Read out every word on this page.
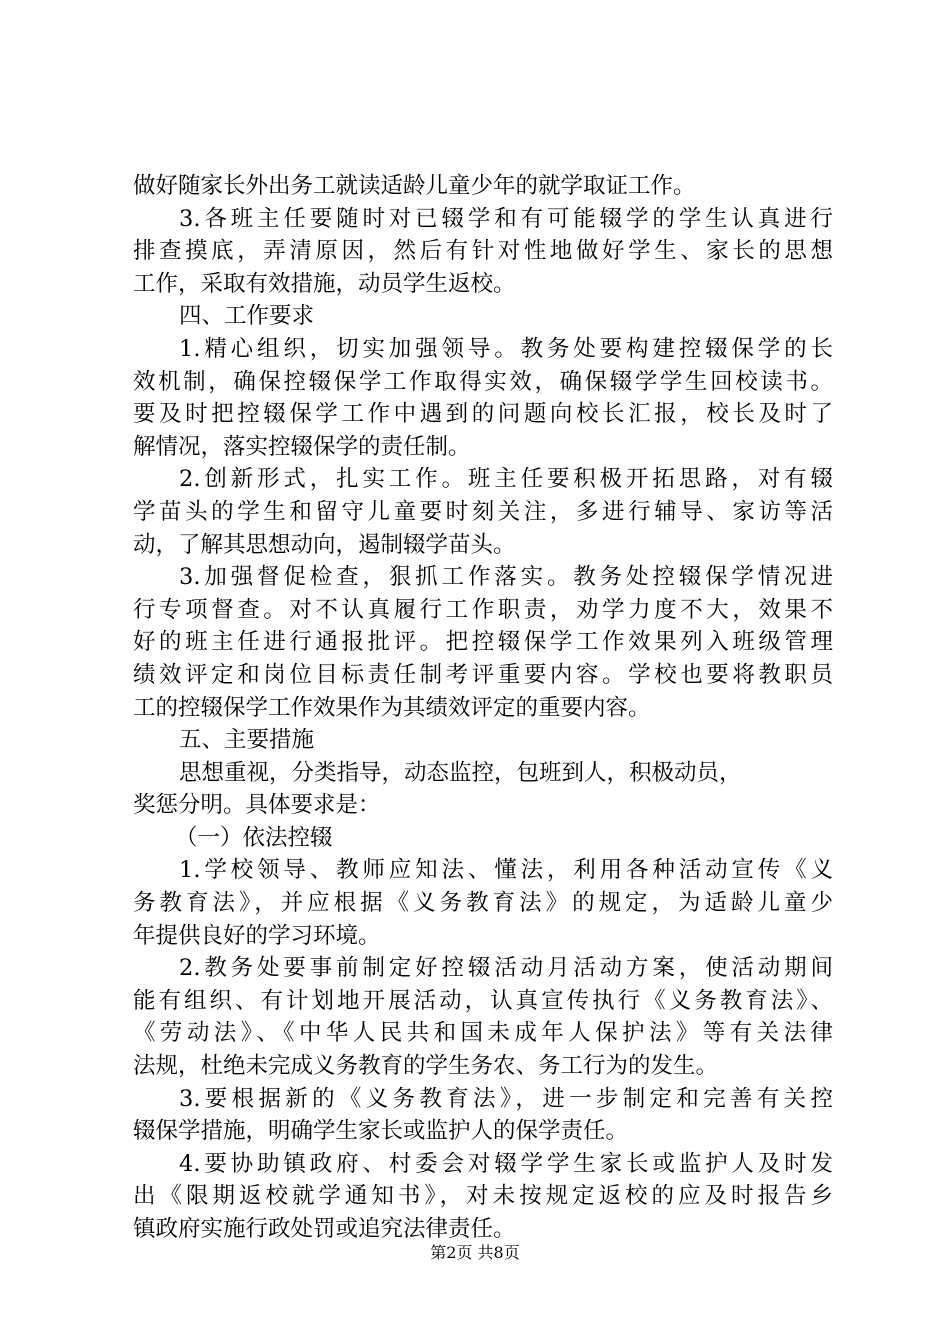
做好随家长外出务工就读适龄儿童少年的就学取证工作。
3.各班主任要随时对已辍学和有可能辍学的学生认真进行
排查摸底，弄清原因，然后有针对性地做好学生、家长的思想
工作，采取有效措施，动员学生返校。
四、工作要求
1.精心组织，切实加强领导。教务处要构建控辍保学的长
效机制，确保控辍保学工作取得实效，确保辍学学生回校读书。
要及时把控辍保学工作中遇到的问题向校长汇报，校长及时了
解情况，落实控辍保学的责任制。
2.创新形式，扎实工作。班主任要积极开拓思路，对有辍
学苗头的学生和留守儿童要时刻关注，多进行辅导、家访等活
动，了解其思想动向，遏制辍学苗头。
3.加强督促检查，狠抓工作落实。教务处控辍保学情况进
行专项督查。对不认真履行工作职责，劝学力度不大，效果不
好的班主任进行通报批评。把控辍保学工作效果列入班级管理
绩效评定和岗位目标责任制考评重要内容。学校也要将教职员
工的控辍保学工作效果作为其绩效评定的重要内容。
五、主要措施
思想重视，分类指导，动态监控，包班到人，积极动员，
奖惩分明。具体要求是：
（一）依法控辍
1.学校领导、教师应知法、懂法，利用各种活动宣传《义
务教育法》，并应根据《义务教育法》的规定，为适龄儿童少
年提供良好的学习环境。
2.教务处要事前制定好控辍活动月活动方案，使活动期间
能有组织、有计划地开展活动，认真宣传执行《义务教育法》、
《劳动法》、《中华人民共和国未成年人保护法》等有关法律
法规，杜绝未完成义务教育的学生务农、务工行为的发生。
3.要根据新的《义务教育法》，进一步制定和完善有关控
辍保学措施，明确学生家长或监护人的保学责任。
4.要协助镇政府、村委会对辍学学生家长或监护人及时发
出《限期返校就学通知书》，对未按规定返校的应及时报告乡
镇政府实施行政处罚或追究法律责任。
第2页 共8页
